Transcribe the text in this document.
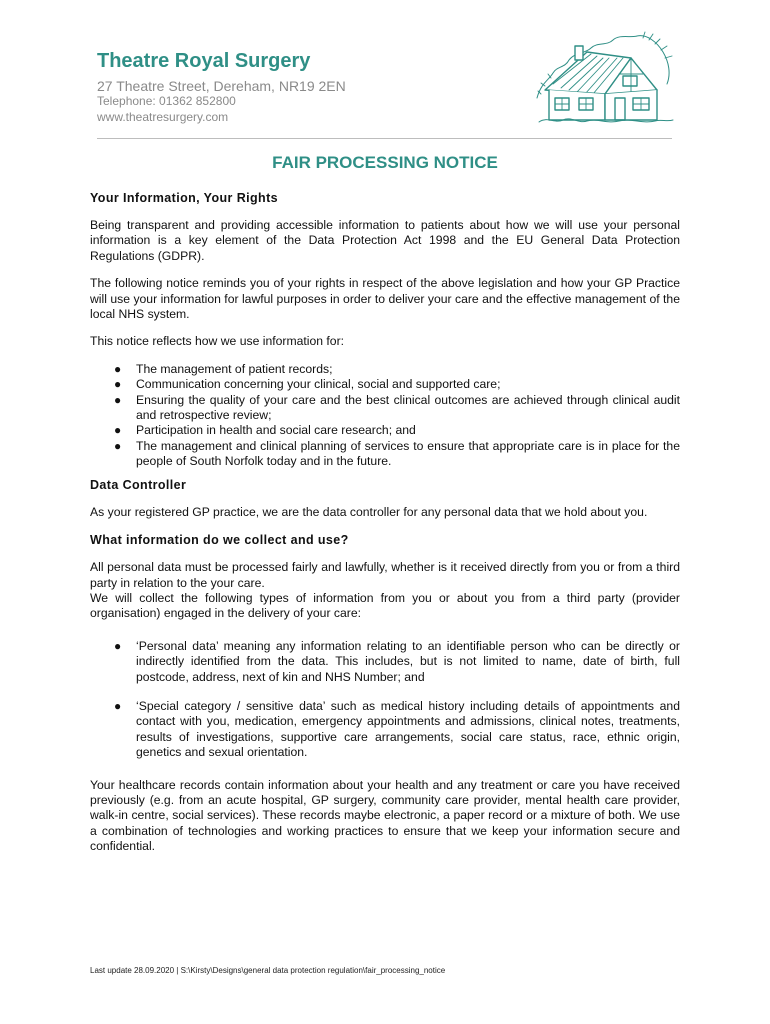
Theatre Royal Surgery

27 Theatre Street, Dereham, NR19 2EN

Telephone: 01362 852800

www.theatresurgery.com

FAIR PROCESSING NOTICE
Your Information, Your Rights

Being transparent and providing accessible information to patients about how we will use your personal information is a key element of the Data Protection Act 1998 and the EU General Data Protection Regulations (GDPR).

The following notice reminds you of your rights in respect of the above legislation and how your GP Practice will use your information for lawful purposes in order to deliver your care and the effective management of the local NHS system.

This notice reflects how we use information for:

● The management of patient records;
● Communication concerning your clinical, social and supported care;
● Ensuring the quality of your care and the best clinical outcomes are achieved through clinical audit and retrospective review;
● Participation in health and social care research; and
● The management and clinical planning of services to ensure that appropriate care is in place for the people of South Norfolk today and in the future.
Data Controller

As your registered GP practice, we are the data controller for any personal data that we hold about you.

What information do we collect and use?

All personal data must be processed fairly and lawfully, whether is it received directly from you or from a third party in relation to the your care.

We will collect the following types of information from you or about you from a third party (provider organisation) engaged in the delivery of your care:

● ‘Personal data’ meaning any information relating to an identifiable person who can be directly or indirectly identified from the data. This includes, but is not limited to name, date of birth, full postcode, address, next of kin and NHS Number; and
● ‘Special category / sensitive data’ such as medical history including details of appointments and contact with you, medication, emergency appointments and admissions, clinical notes, treatments, results of investigations, supportive care arrangements, social care status, race, ethnic origin, genetics and sexual orientation.

Your healthcare records contain information about your health and any treatment or care you have received previously (e.g. from an acute hospital, GP surgery, community care provider, mental health care provider, walk-in centre, social services). These records maybe electronic, a paper record or a mixture of both. We use a combination of technologies and working practices to ensure that we keep your information secure and confidential.

Last update 28.09.2020 | S:\Kirsty\Designs\general data protection regulation\fair_processing_notice
